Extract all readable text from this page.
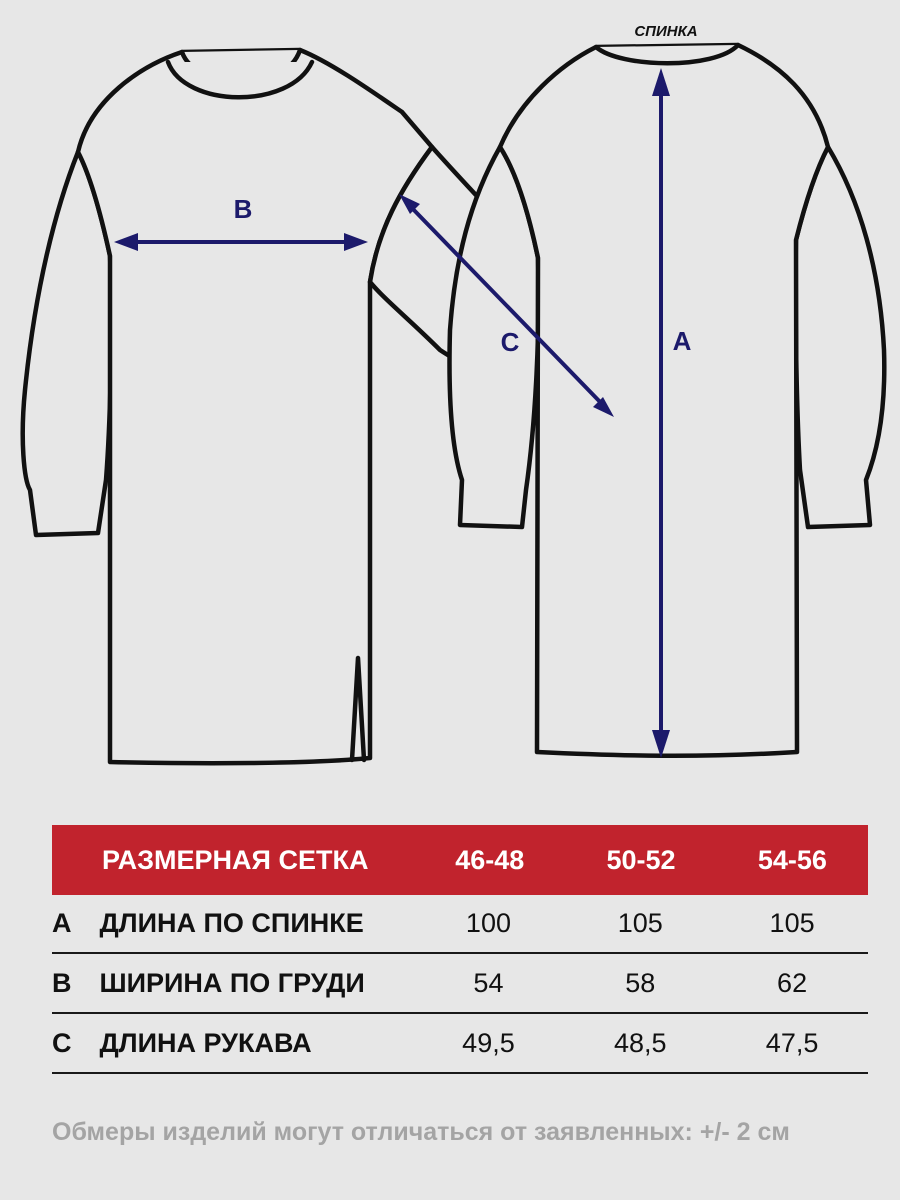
СПИНКА
B
C	A
РАЗМЕРНАЯ СЕТКА	46-48	50-52	54-56
A	ДЛИНА ПО СПИНКЕ	100	105	105
B	ШИРИНА ПО ГРУДИ	54	58	62
C	ДЛИНА РУКАВА	49,5	48,5	47,5
Обмеры изделий могут отличаться от заявленных: +/- 2 см
